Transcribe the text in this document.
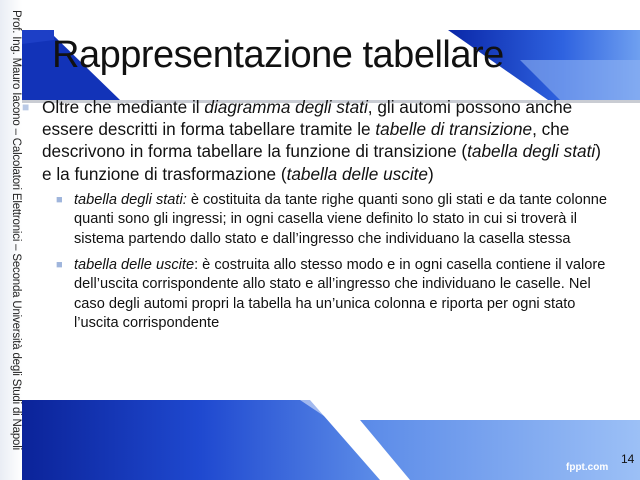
Prof. Ing. Mauro Iacono – Calcolatori Elettronici – Seconda Università degli Studi di Napoli Rappresentazione tabellare
■ Oltre che mediante il diagramma degli stati, gli automi possono anche essere descritti in forma tabellare tramite le tabelle di transizione, che descrivono in forma tabellare la funzione di transizione (tabella degli stati) e la funzione di trasformazione (tabella delle uscite)
■ tabella degli stati: è costituita da tante righe quanti sono gli stati e da tante colonne quanti sono gli ingressi; in ogni casella viene definito lo stato in cui si troverà il sistema partendo dallo stato e dall’ingresso che individuano la casella stessa
■ tabella delle uscite: è costruita allo stesso modo e in ogni casella contiene il valore dell’uscita corrispondente allo stato e all’ingresso che individuano le caselle. Nel caso degli automi propri la tabella ha un’unica colonna e riporta per ogni stato l’uscita corrispondente
fppt.com
14
